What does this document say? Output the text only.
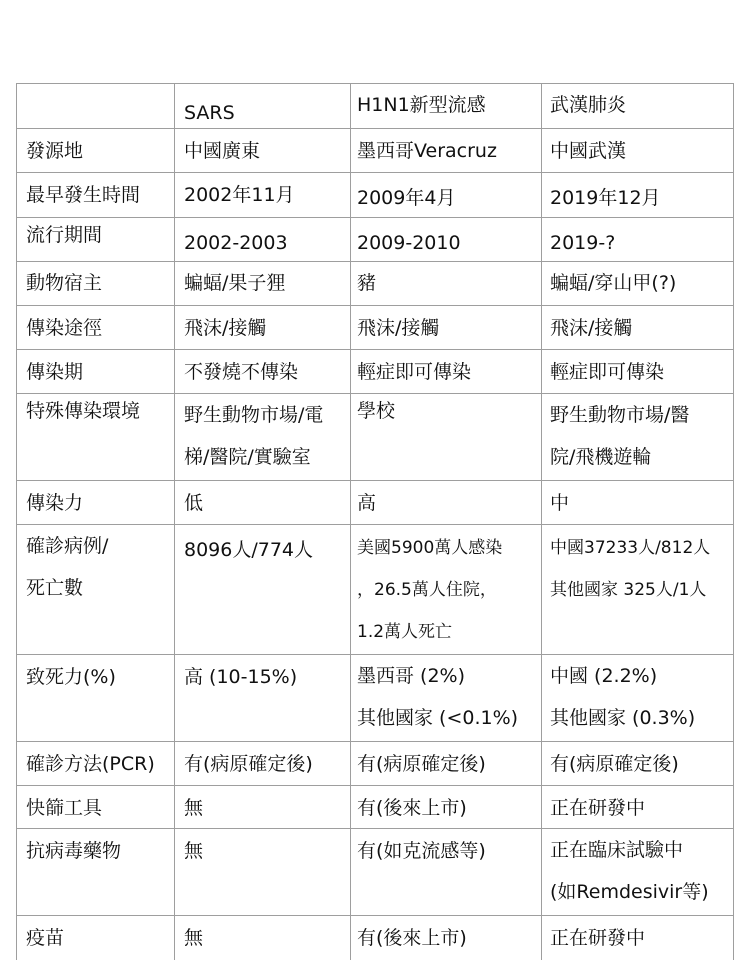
	SARS	H1N1新型流感	武漢肺炎

發源地	中國廣東	墨西哥Veracruz	中國武漢

最早發生時間	2002年11月	2009年4月	2019年12月

流行期間	2002-2003	2009-2010	2019-?

動物宿主	蝙蝠/果子狸	豬	蝙蝠/穿山甲(?)

傳染途徑	飛沫/接觸	飛沫/接觸	飛沫/接觸

傳染期	不發燒不傳染	輕症即可傳染	輕症即可傳染

特殊傳染環境	野生動物市場/電
梯/醫院/實驗室	學校	野生動物市場/醫
院/飛機遊輪

傳染力	低	高	中

確診病例/
死亡數	8096人/774人	美國5900萬人感染
，26.5萬人住院，
1.2萬人死亡	中國37233人/812人
其他國家 325人/1人

致死力(%)	高 (10-15%)	墨西哥 (2%)
其他國家 (<0.1%)	中國 (2.2%)
其他國家 (0.3%)

確診方法(PCR)	有(病原確定後)	有(病原確定後)	有(病原確定後)

快篩工具	無	有(後來上市)	正在研發中

抗病毒藥物	無	有(如克流感等)	正在臨床試驗中
(如Remdesivir等)

疫苗	無	有(後來上市)	正在研發中
